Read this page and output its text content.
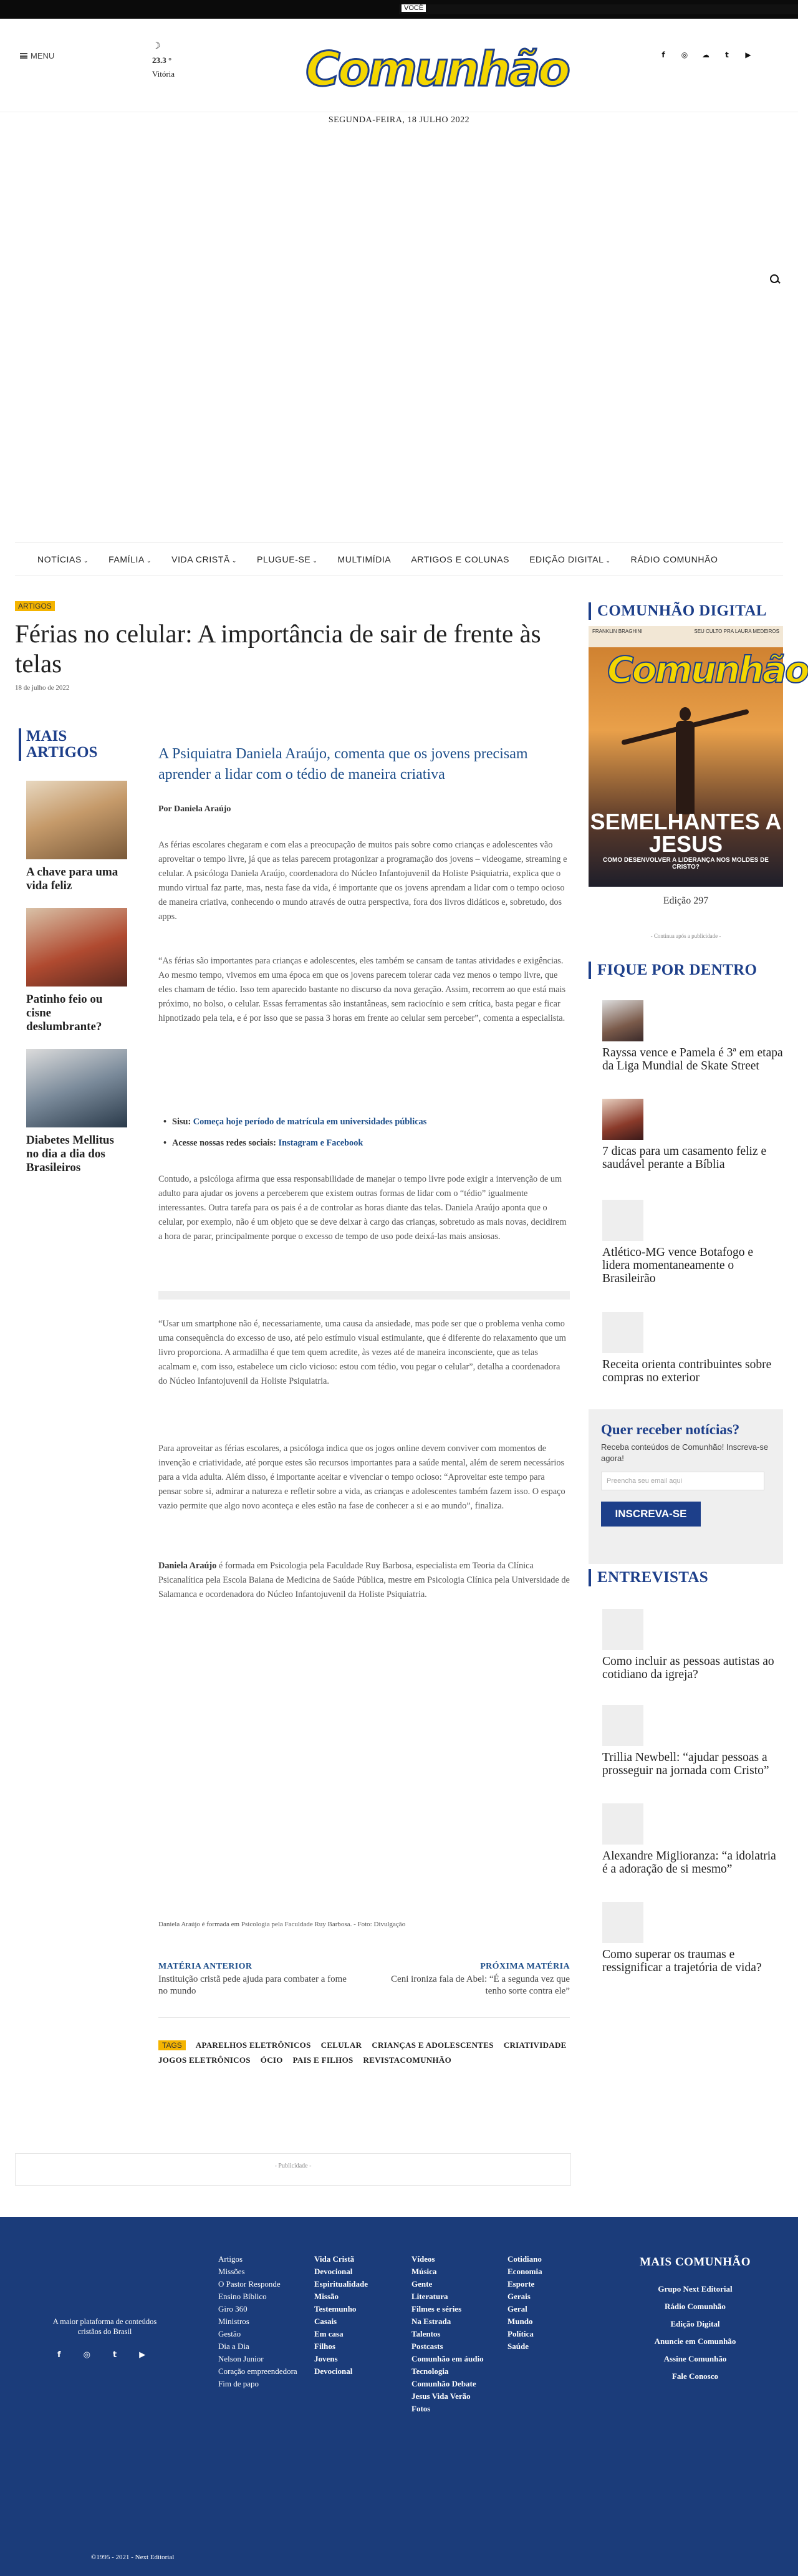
VOCÊ
MENU
☽
23.3 °
Vitória	Comunhão
SEGUNDA-FEIRA, 18 JULHO 2022
f	◎ ☁	t	▶
NOTÍCIAS ⌄ FAMÍLIA ⌄ VIDA CRISTÃ ⌄ PLUGUE-SE ⌄ MULTIMÍDIA ARTIGOS E COLUNAS EDIÇÃO DIGITAL ⌄ RÁDIO COMUNHÃO
ARTIGOS
Férias no celular: A importância de sair de frente às telas
18 de julho de 2022
MAIS ARTIGOS
A chave para uma vida feliz
Patinho feio ou cisne deslumbrante?
Diabetes Mellitus no dia a dia dos Brasileiros
A Psiquiatra Daniela Araújo, comenta que os jovens precisam aprender a lidar com o tédio de maneira criativa
Por Daniela Araújo

As férias escolares chegaram e com elas a preocupação de muitos pais sobre como crianças e adolescentes vão aproveitar o tempo livre, já que as telas parecem protagonizar a programação dos jovens – videogame, streaming e celular. A psicóloga Daniela Araújo, coordenadora do Núcleo Infantojuvenil da Holiste Psiquiatria, explica que o mundo virtual faz parte, mas, nesta fase da vida, é importante que os jovens aprendam a lidar com o tempo ocioso de maneira criativa, conhecendo o mundo através de outra perspectiva, fora dos livros didáticos e, sobretudo, dos apps.

“As férias são importantes para crianças e adolescentes, eles também se cansam de tantas atividades e exigências. Ao mesmo tempo, vivemos em uma época em que os jovens parecem tolerar cada vez menos o tempo livre, que eles chamam de tédio. Isso tem aparecido bastante no discurso da nova geração. Assim, recorrem ao que está mais próximo, no bolso, o celular. Essas ferramentas são instantâneas, sem raciocínio e sem crítica, basta pegar e ficar hipnotizado pela tela, e é por isso que se passa 3 horas em frente ao celular sem perceber”, comenta a especialista.

• Sisu: Começa hoje período de matrícula em universidades públicas
• Acesse nossas redes sociais: Instagram e Facebook

Contudo, a psicóloga afirma que essa responsabilidade de manejar o tempo livre pode exigir a intervenção de um adulto para ajudar os jovens a perceberem que existem outras formas de lidar com o “tédio” igualmente interessantes. Outra tarefa para os pais é a de controlar as horas diante das telas. Daniela Araújo aponta que o celular, por exemplo, não é um objeto que se deve deixar à cargo das crianças, sobretudo as mais novas, decidirem a hora de parar, principalmente porque o excesso de tempo de uso pode deixá-las mais ansiosas.

“Usar um smartphone não é, necessariamente, uma causa da ansiedade, mas pode ser que o problema venha como uma consequência do excesso de uso, até pelo estímulo visual estimulante, que é diferente do relaxamento que um livro proporciona. A armadilha é que tem quem acredite, às vezes até de maneira inconsciente, que as telas acalmam e, com isso, estabelece um ciclo vicioso: estou com tédio, vou pegar o celular”, detalha a coordenadora do Núcleo Infantojuvenil da Holiste Psiquiatria.

Para aproveitar as férias escolares, a psicóloga indica que os jogos online devem conviver com momentos de invenção e criatividade, até porque estes são recursos importantes para a saúde mental, além de serem necessários para a vida adulta. Além disso, é importante aceitar e vivenciar o tempo ocioso: “Aproveitar este tempo para pensar sobre si, admirar a natureza e refletir sobre a vida, as crianças e adolescentes também fazem isso. O espaço vazio permite que algo novo aconteça e eles estão na fase de conhecer a si e ao mundo”, finaliza.

Daniela Araújo é formada em Psicologia pela Faculdade Ruy Barbosa, especialista em Teoria da Clínica Psicanalítica pela Escola Baiana de Medicina de Saúde Pública, mestre em Psicologia Clínica pela Universidade de Salamanca e ocordenadora do Núcleo Infantojuvenil da Holiste Psiquiatria.

Daniela Araújo é formada em Psicologia pela Faculdade Ruy Barbosa. - Foto: Divulgação
MATÉRIA ANTERIOR
Instituição cristã pede ajuda para combater a fome no mundo
PRÓXIMA MATÉRIA
Ceni ironiza fala de Abel: “É a segunda vez que tenho sorte contra ele”
TAGS	APARELHOS ELETRÔNICOS CELULAR CRIANÇAS E ADOLESCENTES CRIATIVIDADE
JOGOS ELETRÔNICOS ÓCIO PAIS E FILHOS REVISTACOMUNHÃO
- Publicidade -
COMUNHÃO DIGITAL
FRANKLIN BRAGHINI	SEU CULTO PRA LAURA MEDEIROS
Comunhão
SEMELHANTES A JESUS
COMO DESENVOLVER A LIDERANÇA NOS MOLDES DE CRISTO?
Edição 297
- Continua após a publicidade -
FIQUE POR DENTRO
Rayssa vence e Pamela é 3ª em etapa da Liga Mundial de Skate Street
7 dicas para um casamento feliz e saudável perante a Bíblia
Atlético-MG vence Botafogo e lidera momentaneamente o Brasileirão
Receita orienta contribuintes sobre compras no exterior
Quer receber notícias?
Receba conteúdos de Comunhão! Inscreva-se agora!
Preencha seu email aqui
INSCREVA-SE
ENTREVISTAS
Como incluir as pessoas autistas ao cotidiano da igreja?
Trillia Newbell: “ajudar pessoas a prosseguir na jornada com Cristo”
Alexandre Miglioranza: “a idolatria é a adoração de si mesmo”
Como superar os traumas e ressignificar a trajetória de vida?
A maior plataforma de conteúdos cristãos do Brasil
f	◎	t	▶
Artigos
Missões
O Pastor Responde
Ensino Bíblico
Giro 360
Ministros
Gestão
Dia a Dia
Nelson Junior
Coração empreendedora
Fim de papo
Vida Cristã
Devocional
Espiritualidade
Missão
Testemunho
Casais
Em casa
Filhos
Jovens
Devocional
Vídeos
Música
Gente
Literatura
Filmes e séries
Na Estrada
Talentos
Postcasts
Comunhão em áudio
Tecnologia
Comunhão Debate
Jesus Vida Verão
Fotos
Cotidiano
Economia
Esporte
Gerais
Geral
Mundo
Política
Saúde
MAIS COMUNHÃO
Grupo Next Editorial
Rádio Comunhão
Edição Digital
Anuncie em Comunhão
Assine Comunhão
Fale Conosco
©1995 - 2021 - Next Editorial
